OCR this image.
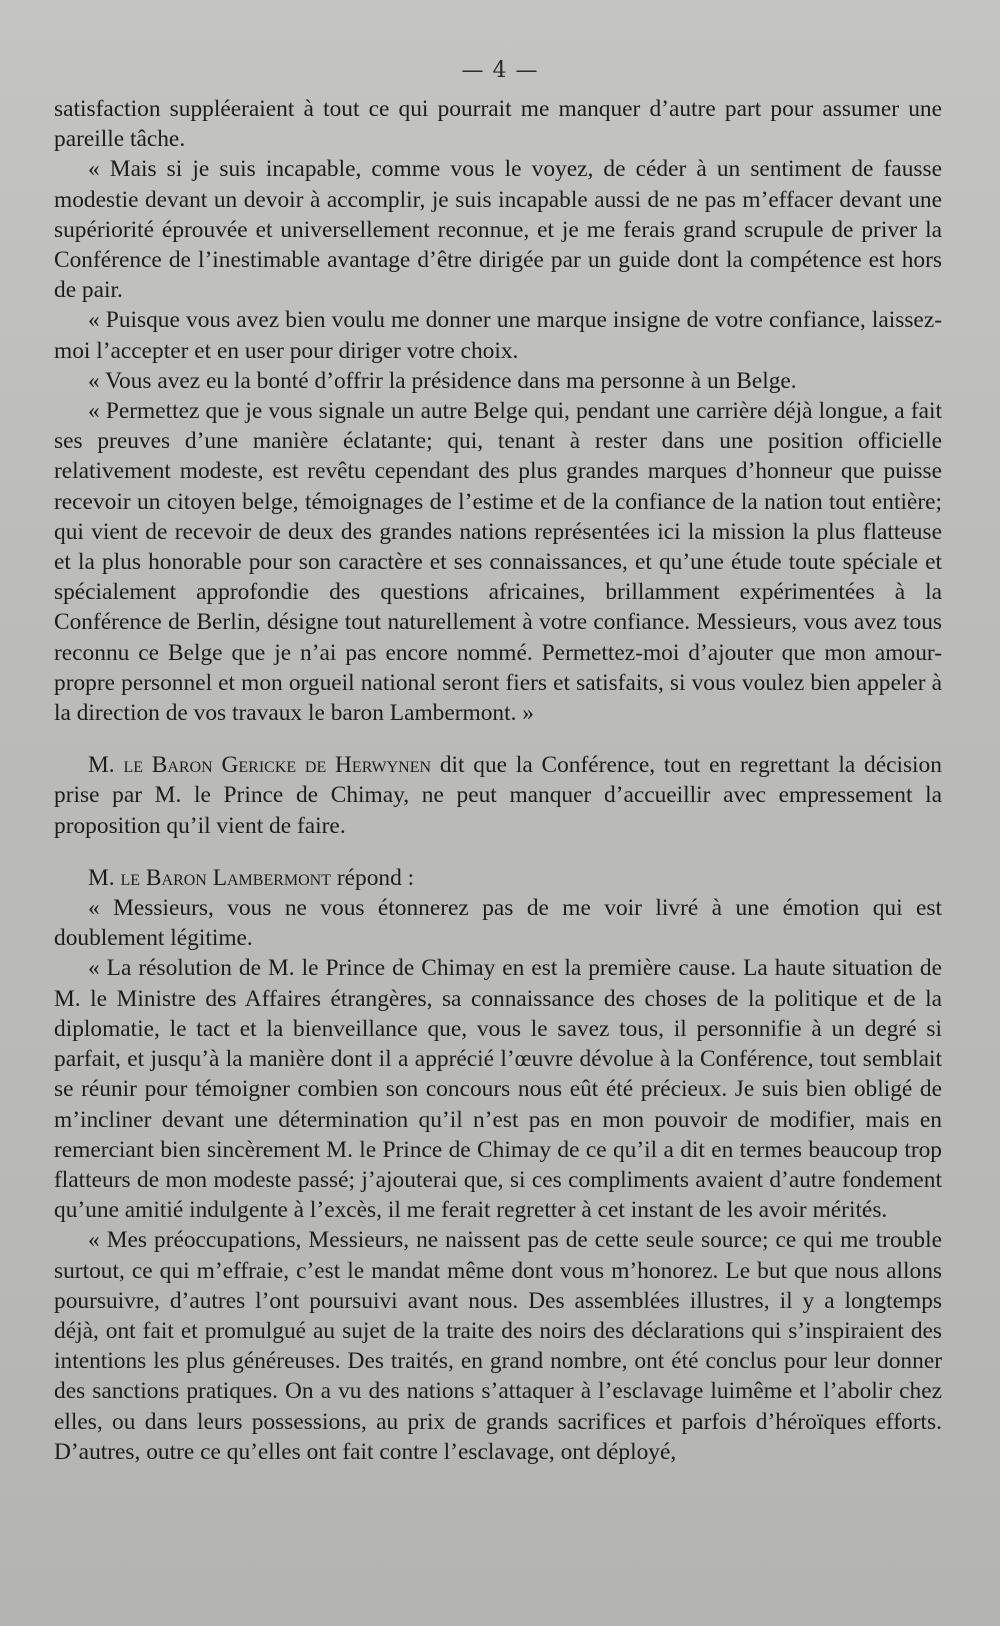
— 4 —

satisfaction suppléeraient à tout ce qui pourrait me manquer d’autre part pour assumer une pareille tâche.

« Mais si je suis incapable, comme vous le voyez, de céder à un sentiment de fausse modestie devant un devoir à accomplir, je suis incapable aussi de ne pas m’effacer devant une supériorité éprouvée et universellement reconnue, et je me ferais grand scrupule de priver la Conférence de l’inestimable avantage d’être dirigée par un guide dont la compétence est hors de pair.

« Puisque vous avez bien voulu me donner une marque insigne de votre confiance, laissez-moi l’accepter et en user pour diriger votre choix.

« Vous avez eu la bonté d’offrir la présidence dans ma personne à un Belge.

« Permettez que je vous signale un autre Belge qui, pendant une carrière déjà longue, a fait ses preuves d’une manière éclatante; qui, tenant à rester dans une position officielle relativement modeste, est revêtu cependant des plus grandes marques d’honneur que puisse recevoir un citoyen belge, témoignages de l’estime et de la confiance de la nation tout entière; qui vient de recevoir de deux des grandes nations représentées ici la mission la plus flatteuse et la plus honorable pour son caractère et ses connaissances, et qu’une étude toute spéciale et spécialement approfondie des questions africaines, brillamment expérimentées à la Conférence de Berlin, désigne tout naturellement à votre confiance. Messieurs, vous avez tous reconnu ce Belge que je n’ai pas encore nommé. Permettez-moi d’ajouter que mon amour-propre personnel et mon orgueil national seront fiers et satisfaits, si vous voulez bien appeler à la direction de vos travaux le baron Lambermont. »

M. le Baron Gericke de Herwynen dit que la Conférence, tout en regrettant la décision prise par M. le Prince de Chimay, ne peut manquer d’accueillir avec empressement la proposition qu’il vient de faire.

M. le Baron Lambermont répond :

« Messieurs, vous ne vous étonnerez pas de me voir livré à une émotion qui est doublement légitime.

« La résolution de M. le Prince de Chimay en est la première cause. La haute situation de M. le Ministre des Affaires étrangères, sa connaissance des choses de la politique et de la diplomatie, le tact et la bienveillance que, vous le savez tous, il personnifie à un degré si parfait, et jusqu’à la manière dont il a apprécié l’œuvre dévolue à la Conférence, tout semblait se réunir pour témoigner combien son concours nous eût été précieux. Je suis bien obligé de m’incliner devant une détermination qu’il n’est pas en mon pouvoir de modifier, mais en remerciant bien sincèrement M. le Prince de Chimay de ce qu’il a dit en termes beaucoup trop flatteurs de mon modeste passé; j’ajouterai que, si ces compliments avaient d’autre fondement qu’une amitié indulgente à l’excès, il me ferait regretter à cet instant de les avoir mérités.

« Mes préoccupations, Messieurs, ne naissent pas de cette seule source; ce qui me trouble surtout, ce qui m’effraie, c’est le mandat même dont vous m’honorez. Le but que nous allons poursuivre, d’autres l’ont poursuivi avant nous. Des assemblées illustres, il y a longtemps déjà, ont fait et promulgué au sujet de la traite des noirs des déclarations qui s’inspiraient des intentions les plus généreuses. Des traités, en grand nombre, ont été conclus pour leur donner des sanctions pratiques. On a vu des nations s’attaquer à l’esclavage luimême et l’abolir chez elles, ou dans leurs possessions, au prix de grands sacrifices et parfois d’héroïques efforts. D’autres, outre ce qu’elles ont fait contre l’esclavage, ont déployé,
